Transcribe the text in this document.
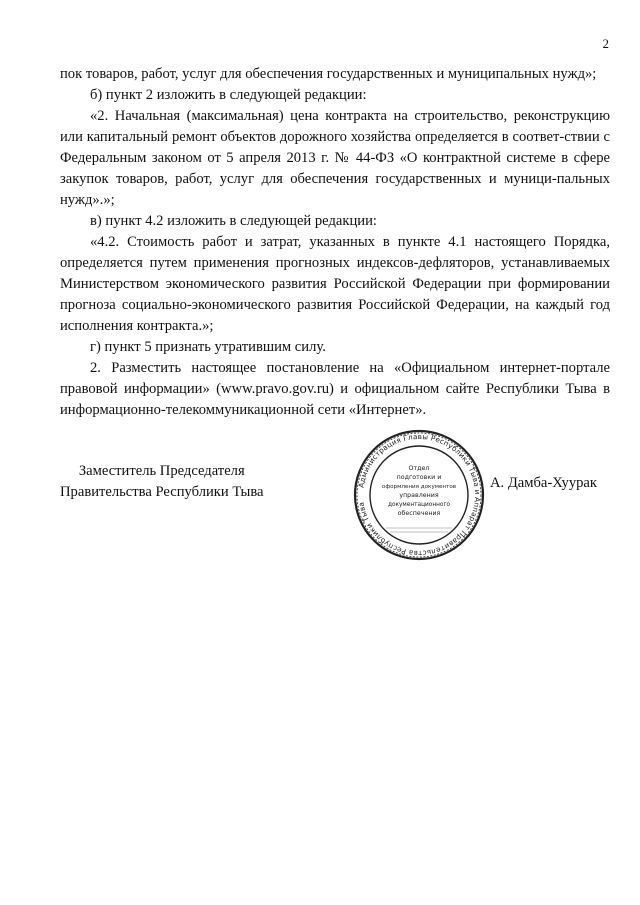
2

пок товаров, работ, услуг для обеспечения государственных и муниципальных нужд»;

б) пункт 2 изложить в следующей редакции:

«2. Начальная (максимальная) цена контракта на строительство, реконструкцию или капитальный ремонт объектов дорожного хозяйства определяется в соответ-ствии с Федеральным законом от 5 апреля 2013 г. № 44-ФЗ «О контрактной системе в сфере закупок товаров, работ, услуг для обеспечения государственных и муници-пальных нужд».»;

в) пункт 4.2 изложить в следующей редакции:

«4.2. Стоимость работ и затрат, указанных в пункте 4.1 настоящего Порядка, определяется путем применения прогнозных индексов-дефляторов, устанавливаемых Министерством экономического развития Российской Федерации при формировании прогноза социально-экономического развития Российской Федерации, на каждый год исполнения контракта.»;

г) пункт 5 признать утратившим силу.

2. Разместить настоящее постановление на «Официальном интернет-портале правовой информации» (www.pravo.gov.ru) и официальном сайте Республики Тыва в информационно-телекоммуникационной сети «Интернет».

Заместитель Председателя
Правительства Республики Тыва	Администрация Главы Республики Тыва и Аппарат Правительства Республики Тыва
Отдел
подготовки и
оформления документов
управления
документационного
обеспечения
А. Дамба-Хуурак
